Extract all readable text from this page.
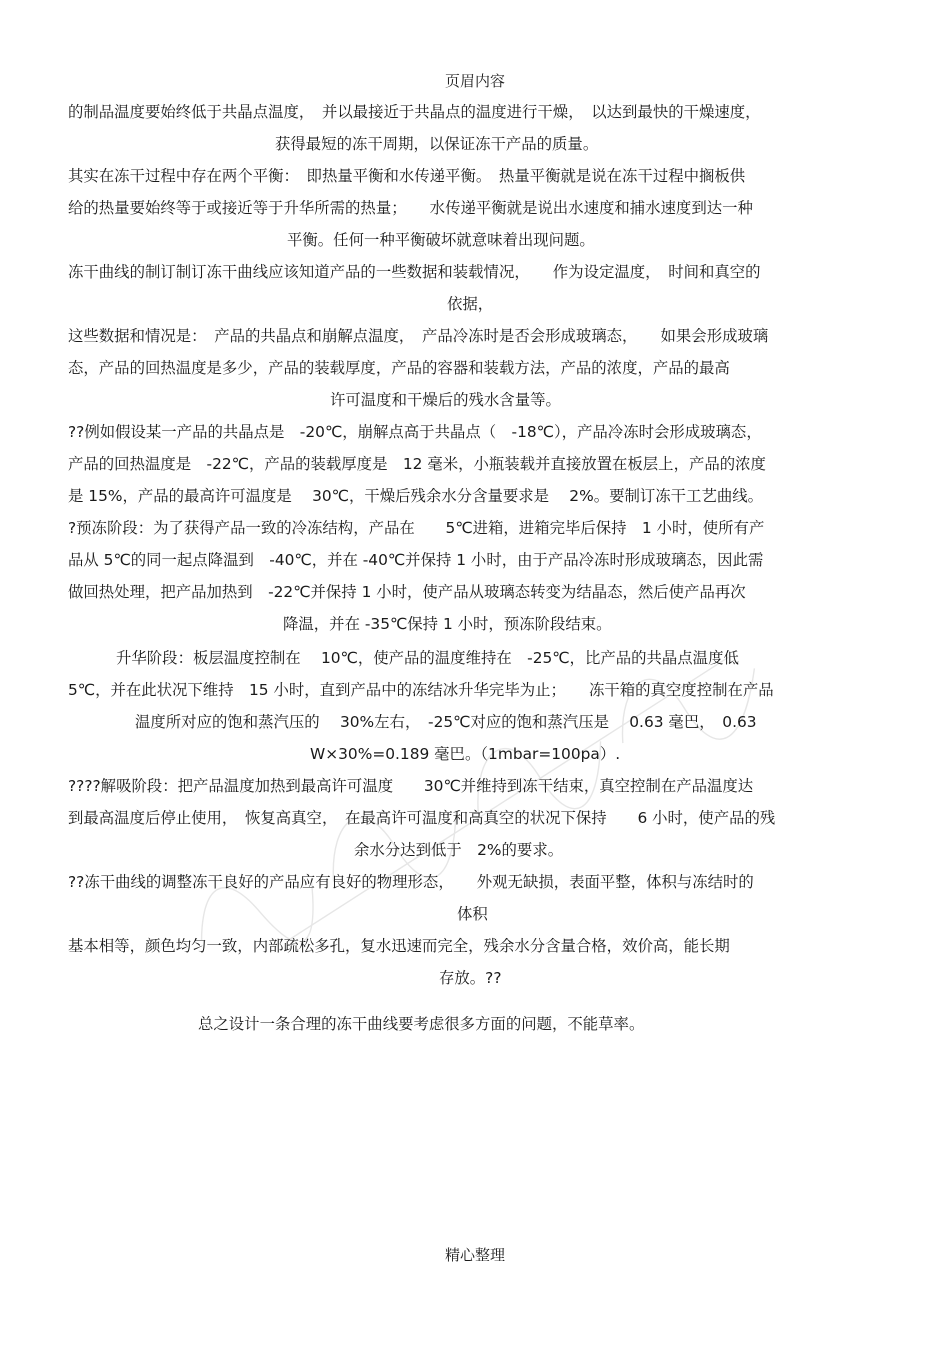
页眉内容
的制品温度要始终低于共晶点温度，　并以最接近于共晶点的温度进行干燥，　以达到最快的干燥速度，
获得最短的冻干周期，以保证冻干产品的质量。
其实在冻干过程中存在两个平衡：　即热量平衡和水传递平衡。　热量平衡就是说在冻干过程中搁板供
给的热量要始终等于或接近等于升华所需的热量；　　水传递平衡就是说出水速度和捕水速度到达一种
平衡。任何一种平衡破坏就意味着出现问题。
冻干曲线的制订制订冻干曲线应该知道产品的一些数据和装载情况，　　作为设定温度，　时间和真空的
依据，
这些数据和情况是：　产品的共晶点和崩解点温度，　产品冷冻时是否会形成玻璃态，　　如果会形成玻璃
态，产品的回热温度是多少，产品的装载厚度，产品的容器和装载方法，产品的浓度，产品的最高
许可温度和干燥后的残水含量等。
??例如假设某一产品的共晶点是　-20℃，崩解点高于共晶点（　-18℃），产品冷冻时会形成玻璃态，
产品的回热温度是　-22℃，产品的装载厚度是　12 毫米，小瓶装载并直接放置在板层上，产品的浓度
是 15%，产品的最高许可温度是　 30℃，干燥后残余水分含量要求是　 2%。要制订冻干工艺曲线。
?预冻阶段：为了获得产品一致的冷冻结构，产品在　　5℃进箱，进箱完毕后保持　1 小时，使所有产
品从 5℃的同一起点降温到　-40℃，并在 -40℃并保持 1 小时，由于产品冷冻时形成玻璃态，因此需
做回热处理，把产品加热到　-22℃并保持 1 小时，使产品从玻璃态转变为结晶态，然后使产品再次
降温，并在 -35℃保持 1 小时，预冻阶段结束。
升华阶段：板层温度控制在　 10℃，使产品的温度维持在　-25℃，比产品的共晶点温度低
5℃，并在此状况下维持　15 小时，直到产品中的冻结冰升华完毕为止；　　冻干箱的真空度控制在产品
温度所对应的饱和蒸汽压的　 30%左右，　-25℃对应的饱和蒸汽压是　 0.63 毫巴，　0.63
W×30%=0.189 毫巴。（1mbar=100pa）.
????解吸阶段：把产品温度加热到最高许可温度　　30℃并维持到冻干结束，真空控制在产品温度达
到最高温度后停止使用，　恢复高真空，　在最高许可温度和高真空的状况下保持　　6 小时，使产品的残
余水分达到低于　2%的要求。
??冻干曲线的调整冻干良好的产品应有良好的物理形态，　　外观无缺损，表面平整，体积与冻结时的
体积
基本相等，颜色均匀一致，内部疏松多孔，复水迅速而完全，残余水分含量合格，效价高，能长期
存放。??
总之设计一条合理的冻干曲线要考虑很多方面的问题，不能草率。
精心整理
